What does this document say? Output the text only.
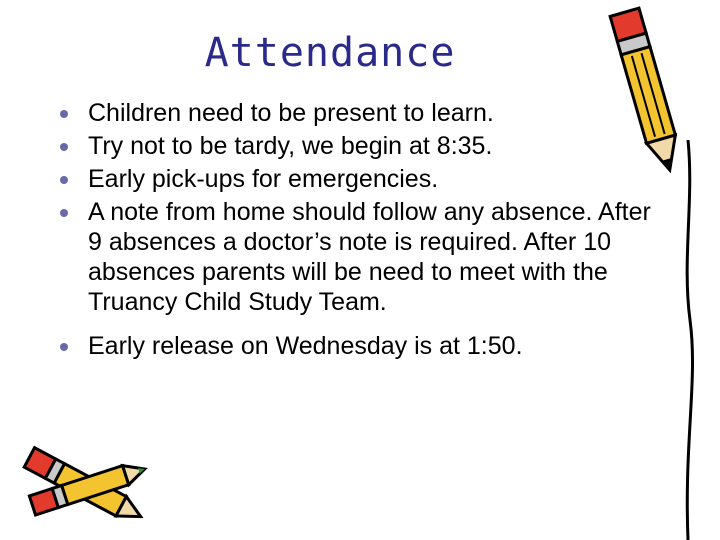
Attendance
Children need to be present to learn.
Try not to be tardy, we begin at 8:35.
Early pick-ups for emergencies.
A note from home should follow any absence. After 9 absences a doctor’s note is required. After 10 absences parents will be need to meet with the Truancy Child Study Team.
Early release on Wednesday is at 1:50.
